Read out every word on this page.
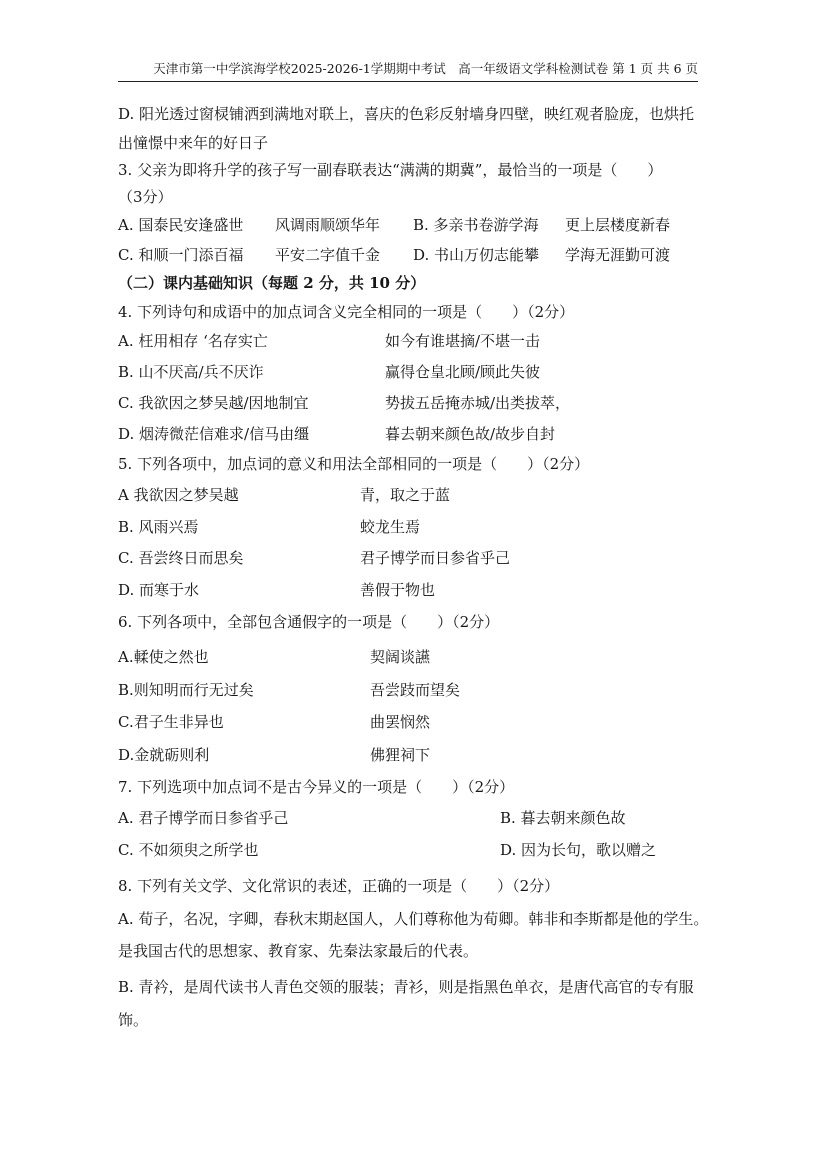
天津市第一中学滨海学校2025-2026-1学期期中考试　高一年级语文学科检测试卷 第 1 页 共 6 页
D. 阳光透过窗棂铺洒到满地对联上，喜庆的色彩反射墙身四壁，映红观者脸庞，也烘托
出憧憬中来年的好日子
3. 父亲为即将升学的孩子写一副春联表达“满满的期冀”，最恰当的一项是（　　）
（3分）
A. 国泰民安逢盛世 风调雨顺颂华年 B. 多亲书卷游学海 更上层楼度新春
C. 和顺一门添百福 平安二字值千金 D. 书山万仞志能攀 学海无涯勤可渡
（二）课内基础知识（每题 2 分，共 10 分）
4. 下列诗句和成语中的加点词含义完全相同的一项是（　　）（2分）
A. 枉用相存 ‘名存实亡	如今有谁堪摘/不堪一击
B. 山不厌高/兵不厌诈	赢得仓皇北顾/顾此失彼
C. 我欲因之梦吴越/因地制宜	势拔五岳掩赤城/出类拔萃，
D. 烟涛微茫信难求/信马由缰	暮去朝来颜色故/故步自封
5. 下列各项中，加点词的意义和用法全部相同的一项是（　　）（2分）
A 我欲因之梦吴越	青，取之于蓝
B. 风雨兴焉	蛟龙生焉
C. 吾尝终日而思矣	君子博学而日参省乎己
D. 而寒于水	善假于物也
6. 下列各项中，全部包含通假字的一项是（　　）（2分）
A.輮使之然也	契阔谈讌
B.则知明而行无过矣	吾尝跂而望矣
C.君子生非异也	曲罢悯然
D.金就砺则利	佛狸祠下
7. 下列选项中加点词不是古今异义的一项是（　　）（2分）
A. 君子博学而日参省乎己	B. 暮去朝来颜色故
C. 不如须臾之所学也	D. 因为长句，歌以赠之
8. 下列有关文学、文化常识的表述，正确的一项是（　　）（2分）
A. 荀子，名况，字卿，春秋末期赵国人，人们尊称他为荀卿。韩非和李斯都是他的学生。
是我国古代的思想家、教育家、先秦法家最后的代表。
B. 青衿，是周代读书人青色交领的服装；青衫，则是指黑色单衣，是唐代高官的专有服
饰。
